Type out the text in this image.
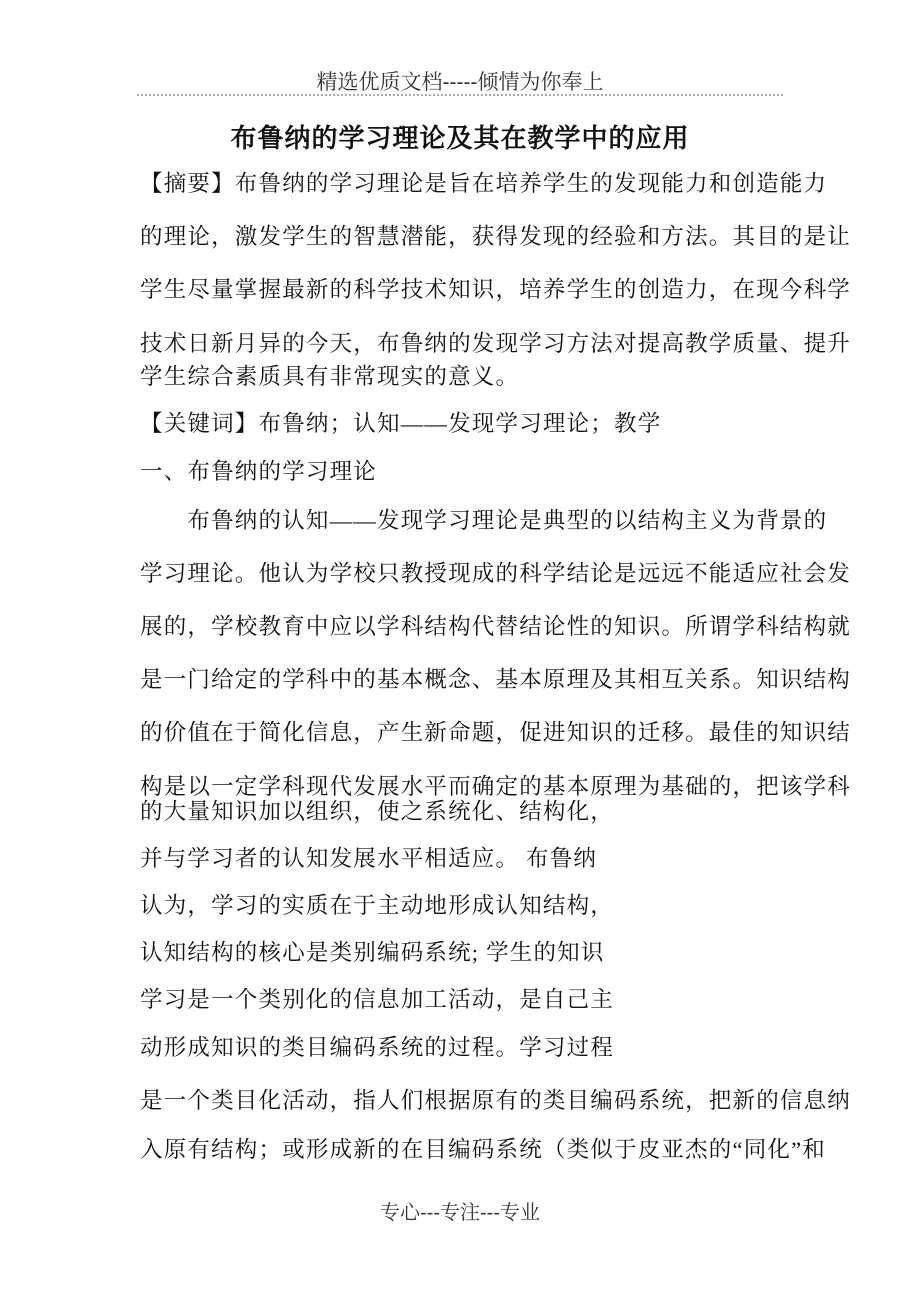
精选优质文档-----倾情为你奉上
布鲁纳的学习理论及其在教学中的应用
【摘要】布鲁纳的学习理论是旨在培养学生的发现能力和创造能力
的理论，激发学生的智慧潜能，获得发现的经验和方法。其目的是让
学生尽量掌握最新的科学技术知识，培养学生的创造力，在现今科学
技术日新月异的今天，布鲁纳的发现学习方法对提高教学质量、提升
学生综合素质具有非常现实的意义。
【关键词】布鲁纳；认知——发现学习理论；教学
一、布鲁纳的学习理论
　　布鲁纳的认知——发现学习理论是典型的以结构主义为背景的
学习理论。他认为学校只教授现成的科学结论是远远不能适应社会发
展的，学校教育中应以学科结构代替结论性的知识。所谓学科结构就
是一门给定的学科中的基本概念、基本原理及其相互关系。知识结构
的价值在于简化信息，产生新命题，促进知识的迁移。最佳的知识结
构是以一定学科现代发展水平而确定的基本原理为基础的，把该学科
的大量知识加以组织，使之系统化、结构化，
并与学习者的认知发展水平相适应。 布鲁纳
认为，学习的实质在于主动地形成认知结构，
认知结构的核心是类别编码系统; 学生的知识
学习是一个类别化的信息加工活动，是自己主
动形成知识的类目编码系统的过程。学习过程
是一个类目化活动，指人们根据原有的类目编码系统，把新的信息纳
入原有结构；或形成新的在目编码系统（类似于皮亚杰的“同化”和
专心---专注---专业
